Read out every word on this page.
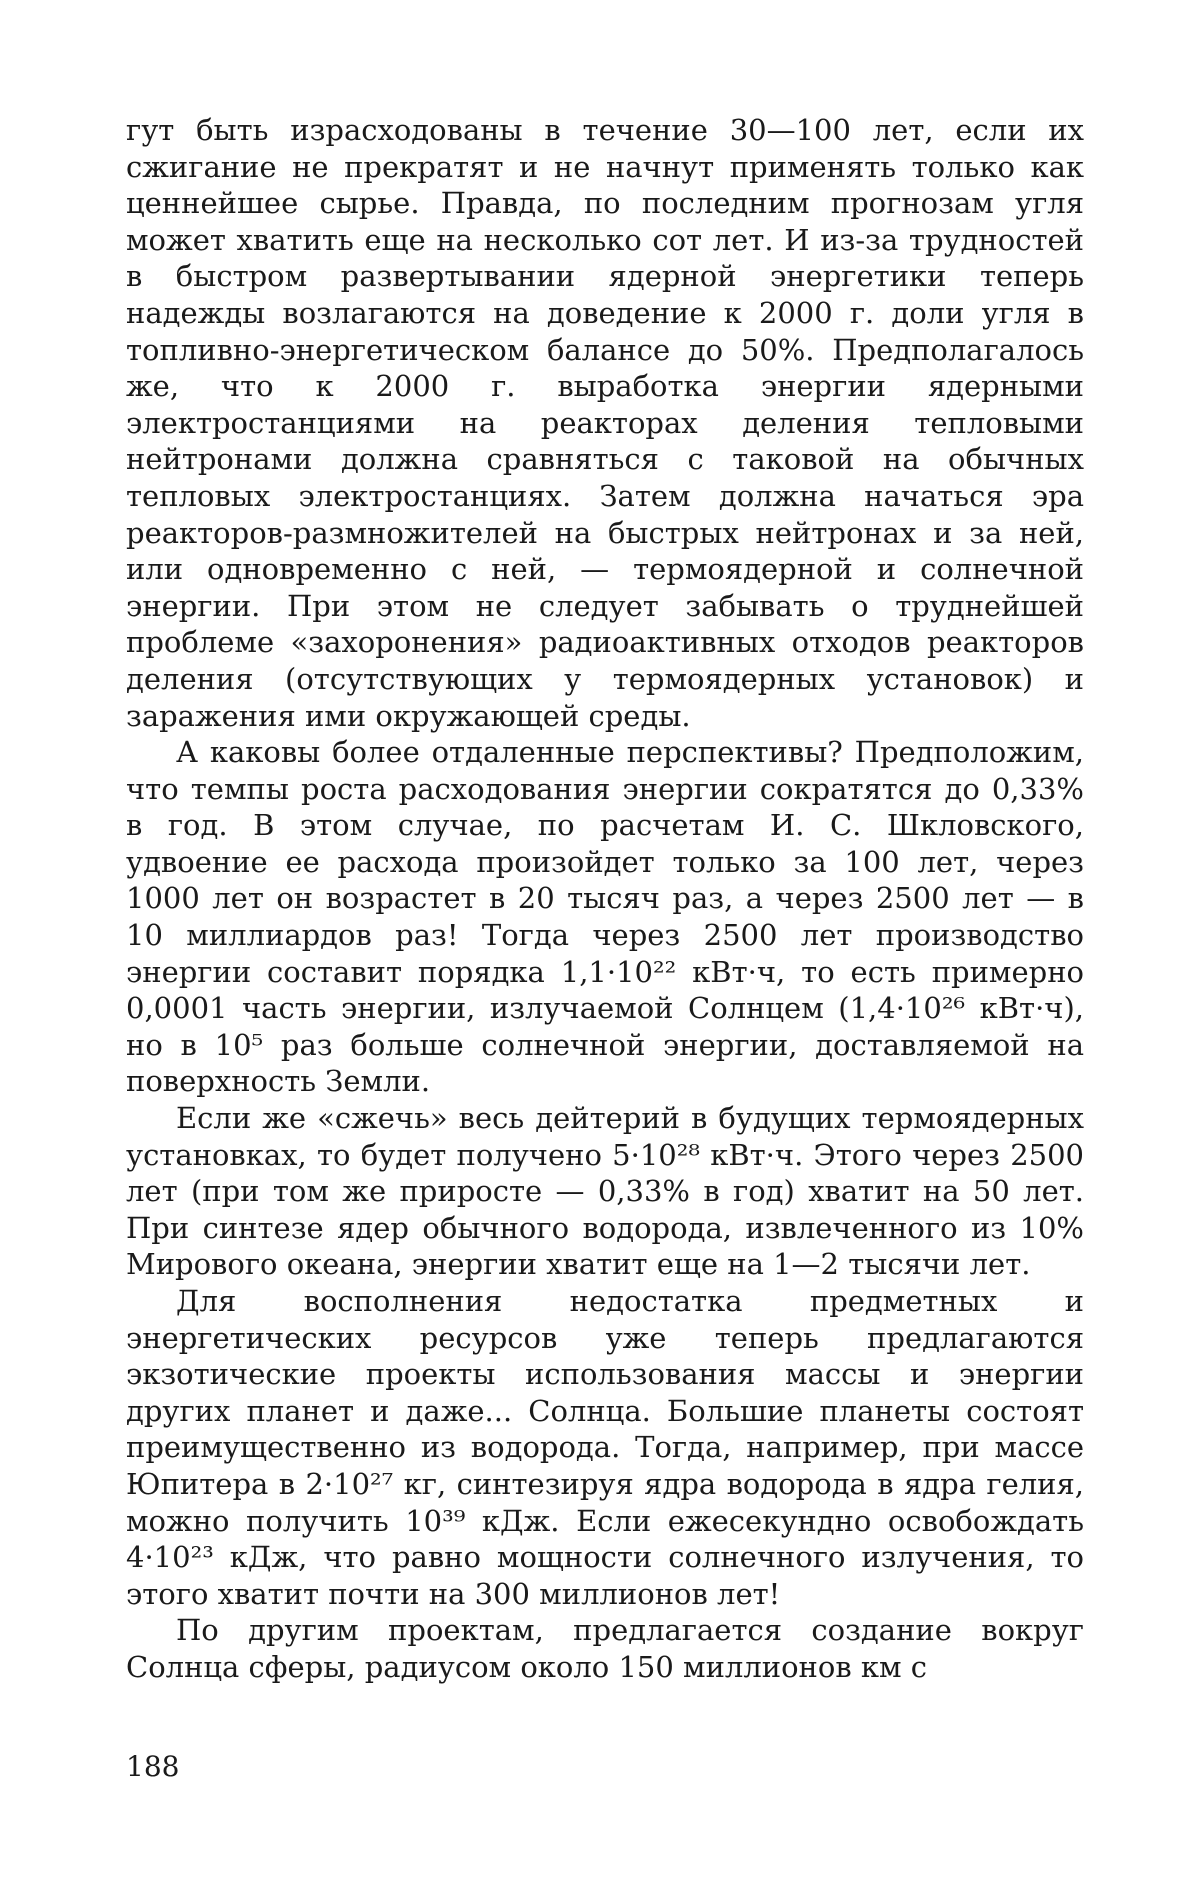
гут быть израсходованы в течение 30—100 лет, если их сжигание не прекратят и не начнут применять только как ценнейшее сырье. Правда, по последним прогнозам угля может хватить еще на несколько сот лет. И из-за трудностей в быстром развертывании ядерной энергетики теперь надежды возлагаются на доведение к 2000 г. доли угля в топливно-энергетическом балансе до 50%. Предполагалось же, что к 2000 г. выработка энергии ядерными электростанциями на реакторах деления тепловыми нейтронами должна сравняться с таковой на обычных тепловых электростанциях. Затем должна начаться эра реакторов-размножителей на быстрых нейтронах и за ней, или одновременно с ней, — термоядерной и солнечной энергии. При этом не следует забывать о труднейшей проблеме «захоронения» радиоактивных отходов реакторов деления (отсутствующих у термоядерных установок) и заражения ими окружающей среды.

А каковы более отдаленные перспективы? Предположим, что темпы роста расходования энергии сократятся до 0,33% в год. В этом случае, по расчетам И. С. Шкловского, удвоение ее расхода произойдет только за 100 лет, через 1000 лет он возрастет в 20 тысяч раз, а через 2500 лет — в 10 миллиардов раз! Тогда через 2500 лет производство энергии составит порядка 1,1·10²² кВт·ч, то есть примерно 0,0001 часть энергии, излучаемой Солнцем (1,4·10²⁶ кВт·ч), но в 10⁵ раз больше солнечной энергии, доставляемой на поверхность Земли.

Если же «сжечь» весь дейтерий в будущих термоядерных установках, то будет получено 5·10²⁸ кВт·ч. Этого через 2500 лет (при том же приросте — 0,33% в год) хватит на 50 лет. При синтезе ядер обычного водорода, извлеченного из 10% Мирового океана, энергии хватит еще на 1—2 тысячи лет.

Для восполнения недостатка предметных и энергетических ресурсов уже теперь предлагаются экзотические проекты использования массы и энергии других планет и даже... Солнца. Большие планеты состоят преимущественно из водорода. Тогда, например, при массе Юпитера в 2·10²⁷ кг, синтезируя ядра водорода в ядра гелия, можно получить 10³⁹ кДж. Если ежесекундно освобождать 4·10²³ кДж, что равно мощности солнечного излучения, то этого хватит почти на 300 миллионов лет!

По другим проектам, предлагается создание вокруг Солнца сферы, радиусом около 150 миллионов км с

188
